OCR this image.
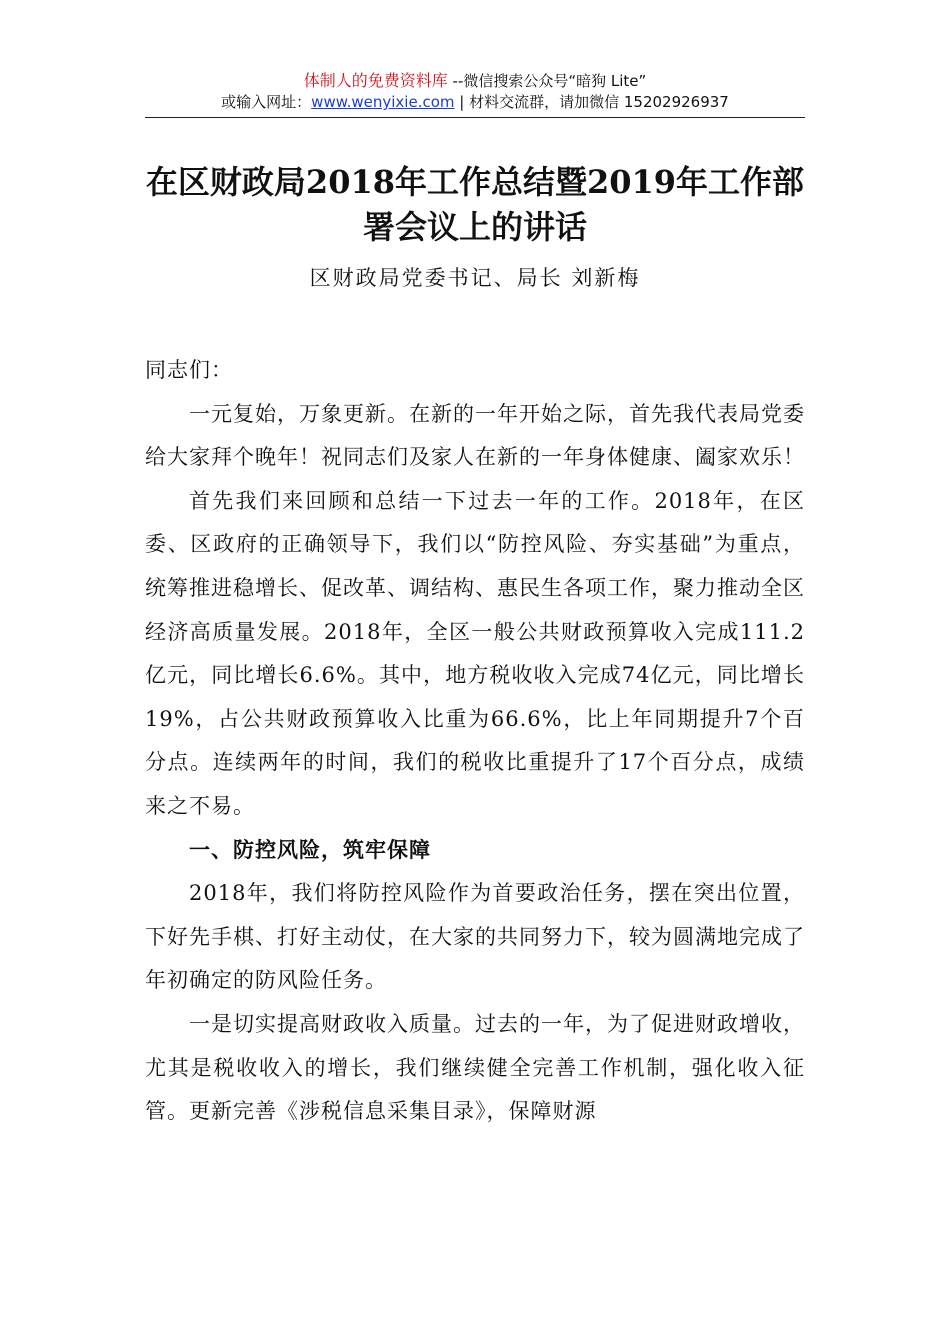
体制人的免费资料库 --微信搜索公众号“暗狗 Lite”
或输入网址：www.wenyixie.com | 材料交流群，请加微信 15202926937
在区财政局2018年工作总结暨2019年工作部署会议上的讲话
区财政局党委书记、局长 刘新梅

同志们：

一元复始，万象更新。在新的一年开始之际，首先我代表局党委给大家拜个晚年！祝同志们及家人在新的一年身体健康、阖家欢乐！

首先我们来回顾和总结一下过去一年的工作。2018年，在区委、区政府的正确领导下，我们以“防控风险、夯实基础”为重点，统筹推进稳增长、促改革、调结构、惠民生各项工作，聚力推动全区经济高质量发展。2018年，全区一般公共财政预算收入完成111.2亿元，同比增长6.6%。其中，地方税收收入完成74亿元，同比增长19%，占公共财政预算收入比重为66.6%，比上年同期提升7个百分点。连续两年的时间，我们的税收比重提升了17个百分点，成绩来之不易。

一、防控风险，筑牢保障

2018年，我们将防控风险作为首要政治任务，摆在突出位置，下好先手棋、打好主动仗，在大家的共同努力下，较为圆满地完成了年初确定的防风险任务。

一是切实提高财政收入质量。过去的一年，为了促进财政增收，尤其是税收收入的增长，我们继续健全完善工作机制，强化收入征管。更新完善《涉税信息采集目录》，保障财源
